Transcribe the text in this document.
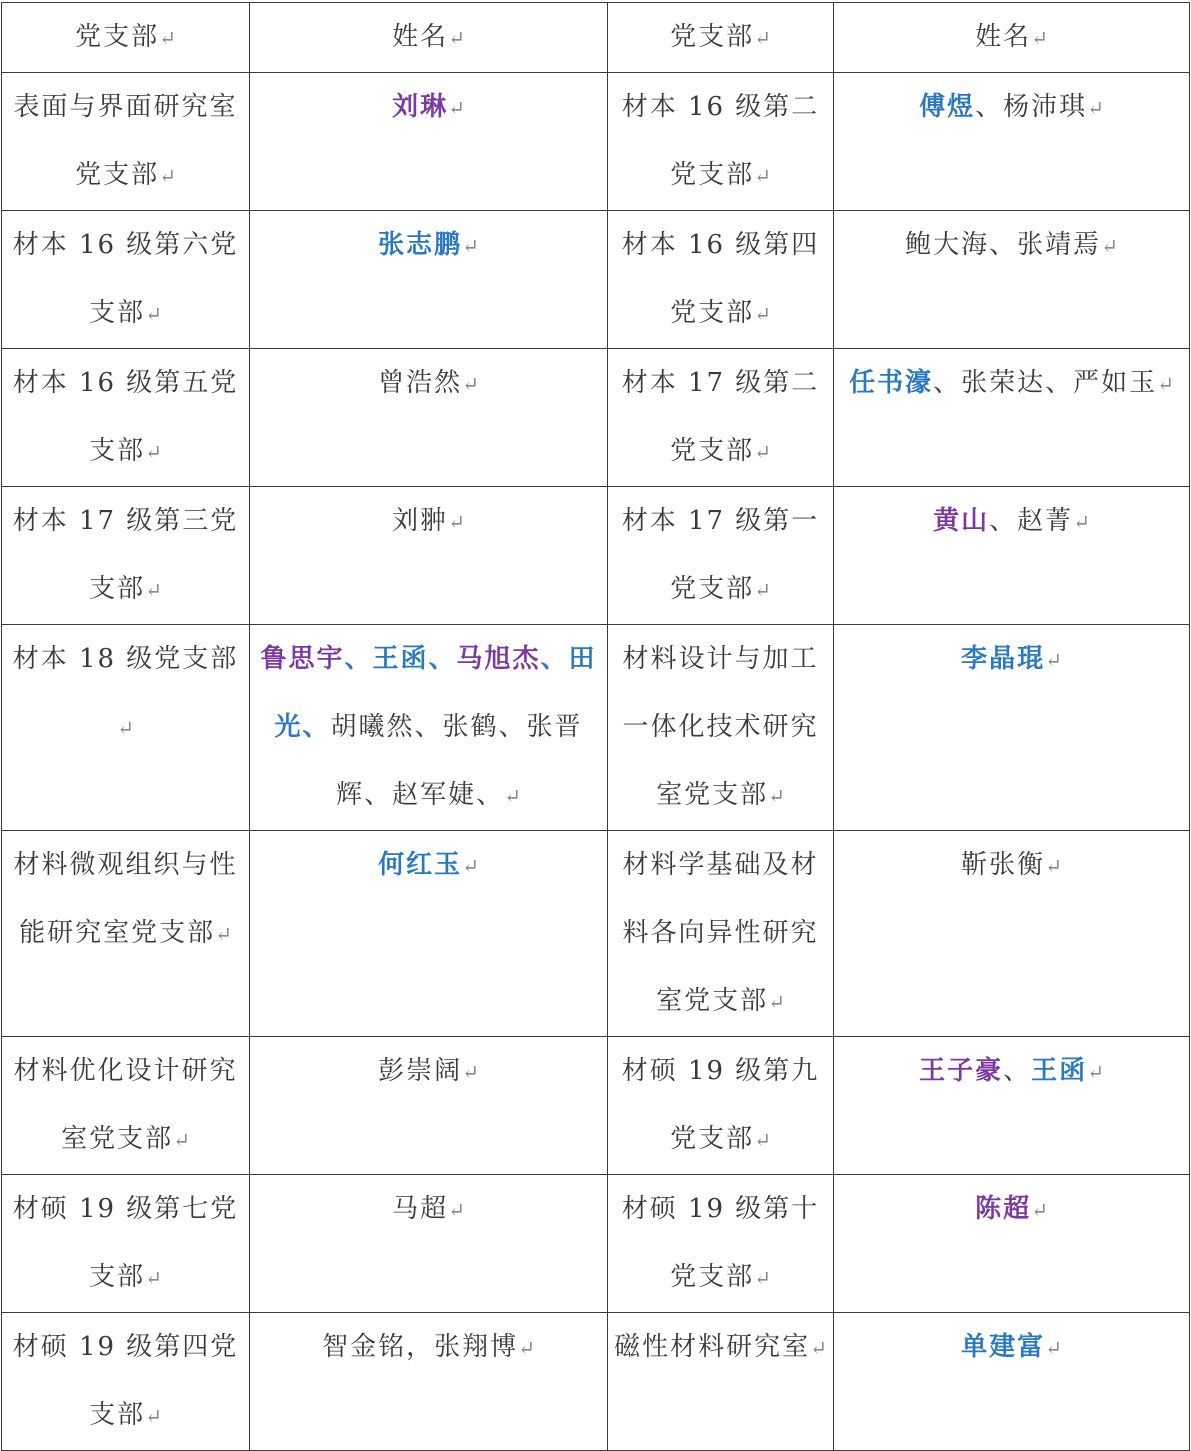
党支部↵	姓名↵	党支部↵	姓名↵

表面与界面研究室党支部↵	刘琳↵	材本 16 级第二党支部↵	傅煜、杨沛琪↵

材本 16 级第六党支部↵	张志鹏↵	材本 16 级第四党支部↵	鲍大海、张靖焉↵

材本 16 级第五党支部↵	曾浩然↵	材本 17 级第二党支部↵	任书濠、张荣达、严如玉↵

材本 17 级第三党支部↵	刘翀↵	材本 17 级第一党支部↵	黄山、赵菁↵

材本 18 级党支部↵	鲁思宇、王函、马旭杰、田光、胡曦然、张鹤、张晋辉、赵军婕、↵	材料设计与加工一体化技术研究室党支部↵	李晶琨↵

材料微观组织与性能研究室党支部↵	何红玉↵	材料学基础及材料各向异性研究室党支部↵	靳张衡↵

材料优化设计研究室党支部↵	彭崇阔↵	材硕 19 级第九党支部↵	王子豪、王函↵

材硕 19 级第七党支部↵	马超↵	材硕 19 级第十党支部↵	陈超↵

材硕 19 级第四党支部↵	智金铭，张翔博↵	磁性材料研究室↵	单建富↵
